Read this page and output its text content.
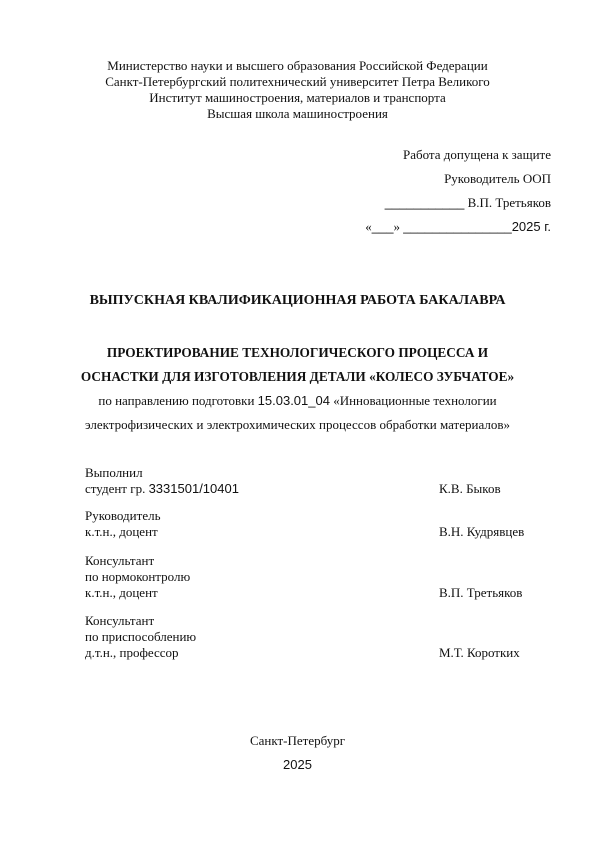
Министерство науки и высшего образования Российской Федерации
Санкт-Петербургский политехнический университет Петра Великого
Институт машиностроения, материалов и транспорта
Высшая школа машиностроения
Работа допущена к защите
Руководитель ООП
___________ В.П. Третьяков
«___» _______________2025 г.
ВЫПУСКНАЯ КВАЛИФИКАЦИОННАЯ РАБОТА БАКАЛАВРА
ПРОЕКТИРОВАНИЕ ТЕХНОЛОГИЧЕСКОГО ПРОЦЕССА И
ОСНАСТКИ ДЛЯ ИЗГОТОВЛЕНИЯ ДЕТАЛИ «КОЛЕСО ЗУБЧАТОЕ»
по направлению подготовки 15.03.01_04 «Инновационные технологии
электрофизических и электрохимических процессов обработки материалов»
Выполнил
студент гр. 3331501/10401	К.В. Быков
Руководитель
к.т.н., доцент	В.Н. Кудрявцев
Консультант
по нормоконтролю
к.т.н., доцент	В.П. Третьяков
Консультант
по приспособлению
д.т.н., профессор	М.Т. Коротких
Санкт-Петербург
2025
